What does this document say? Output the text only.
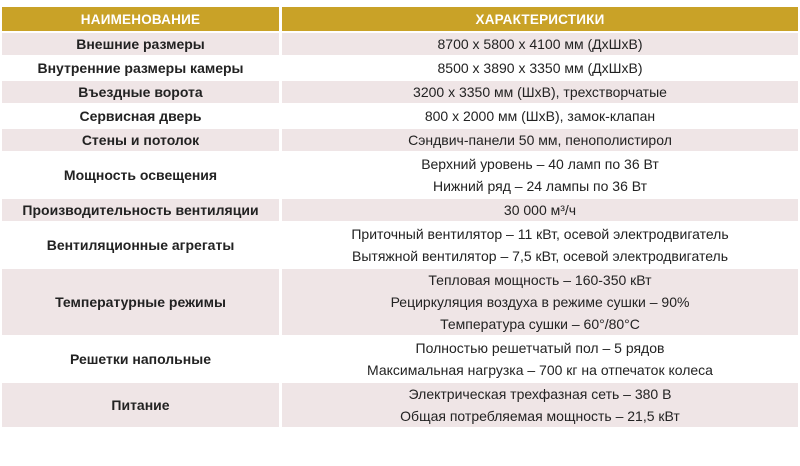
НАИМЕНОВАНИЕ	ХАРАКТЕРИСТИКИ
Внешние размеры	8700 х 5800 х 4100 мм (ДхШхВ)

Внутренние размеры камеры	8500 х 3890 х 3350 мм (ДхШхВ)

Въездные ворота	3200 х 3350 мм (ШхВ), трехстворчатые

Сервисная дверь	800 х 2000 мм (ШхВ), замок-клапан

Стены и потолок	Сэндвич-панели 50 мм, пенополистирол

Мощность освещения	Верхний уровень – 40 ламп по 36 Вт
Нижний ряд – 24 лампы по 36 Вт

Производительность вентиляции	30 000 м³/ч

Вентиляционные агрегаты	Приточный вентилятор – 11 кВт, осевой электродвигатель
Вытяжной вентилятор – 7,5 кВт, осевой электродвигатель

Температурные режимы	Тепловая мощность – 160-350 кВт
Рециркуляция воздуха в режиме сушки – 90%
Температура сушки – 60°/80°С

Решетки напольные	Полностью решетчатый пол – 5 рядов
Максимальная нагрузка – 700 кг на отпечаток колеса

Питание	Электрическая трехфазная сеть – 380 В
Общая потребляемая мощность – 21,5 кВт
